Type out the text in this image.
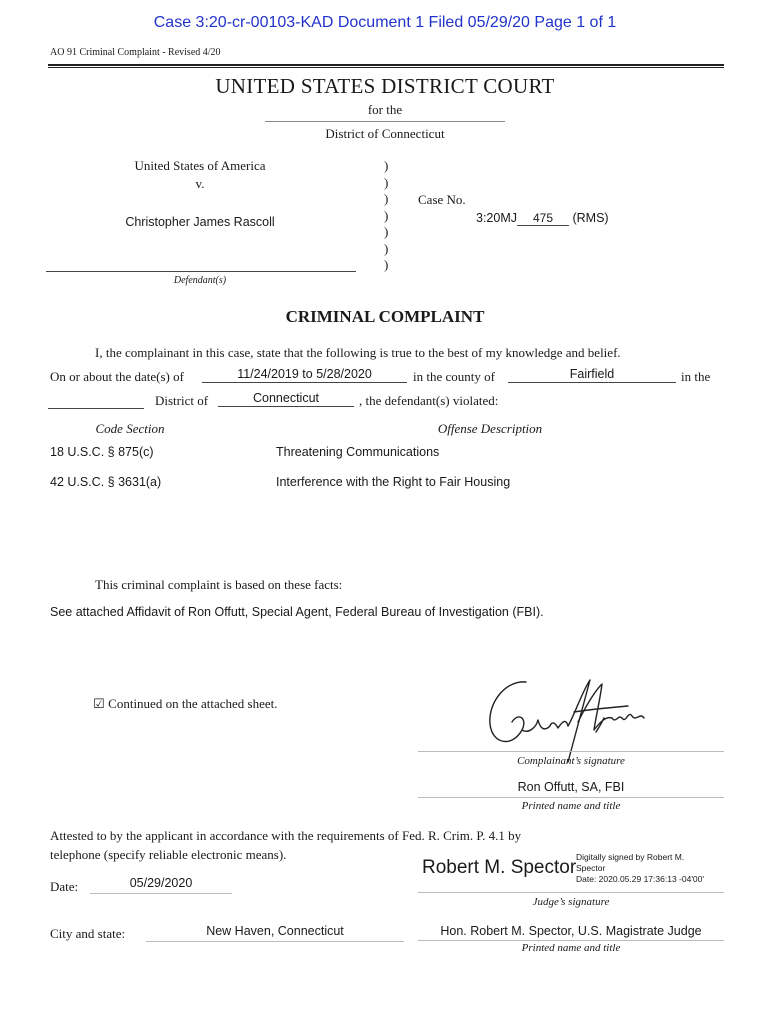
Case 3:20-cr-00103-KAD Document 1 Filed 05/29/20 Page 1 of 1
AO 91 Criminal Complaint - Revised 4/20
UNITED STATES DISTRICT COURT
for the
District of Connecticut
United States of America
v.
Christopher James Rascoll
Defendant(s)
)
)
)
)
)
)
)
Case No.
3:20MJ 475 (RMS)
CRIMINAL COMPLAINT
I, the complainant in this case, state that the following is true to the best of my knowledge and belief.
On or about the date(s) of	11/24/2019 to 5/28/2020	in the county of	Fairfield	in the
District of	Connecticut	, the defendant(s) violated:
Code Section	Offense Description
18 U.S.C. § 875(c)	Threatening Communications
42 U.S.C. § 3631(a)	Interference with the Right to Fair Housing
This criminal complaint is based on these facts:
See attached Affidavit of Ron Offutt, Special Agent, Federal Bureau of Investigation (FBI).
☑ Continued on the attached sheet.
Complainant’s signature
Ron Offutt, SA, FBI
Printed name and title
Attested to by the applicant in accordance with the requirements of Fed. R. Crim. P. 4.1 by
telephone (specify reliable electronic means).
Robert M. Spector Digitally signed by Robert M.
Spector
Date: 2020.05.29 17:36:13 -04'00'
Judge’s signature
Date:	05/29/2020
City and state:	New Haven, Connecticut	Hon. Robert M. Spector, U.S. Magistrate Judge
Printed name and title
